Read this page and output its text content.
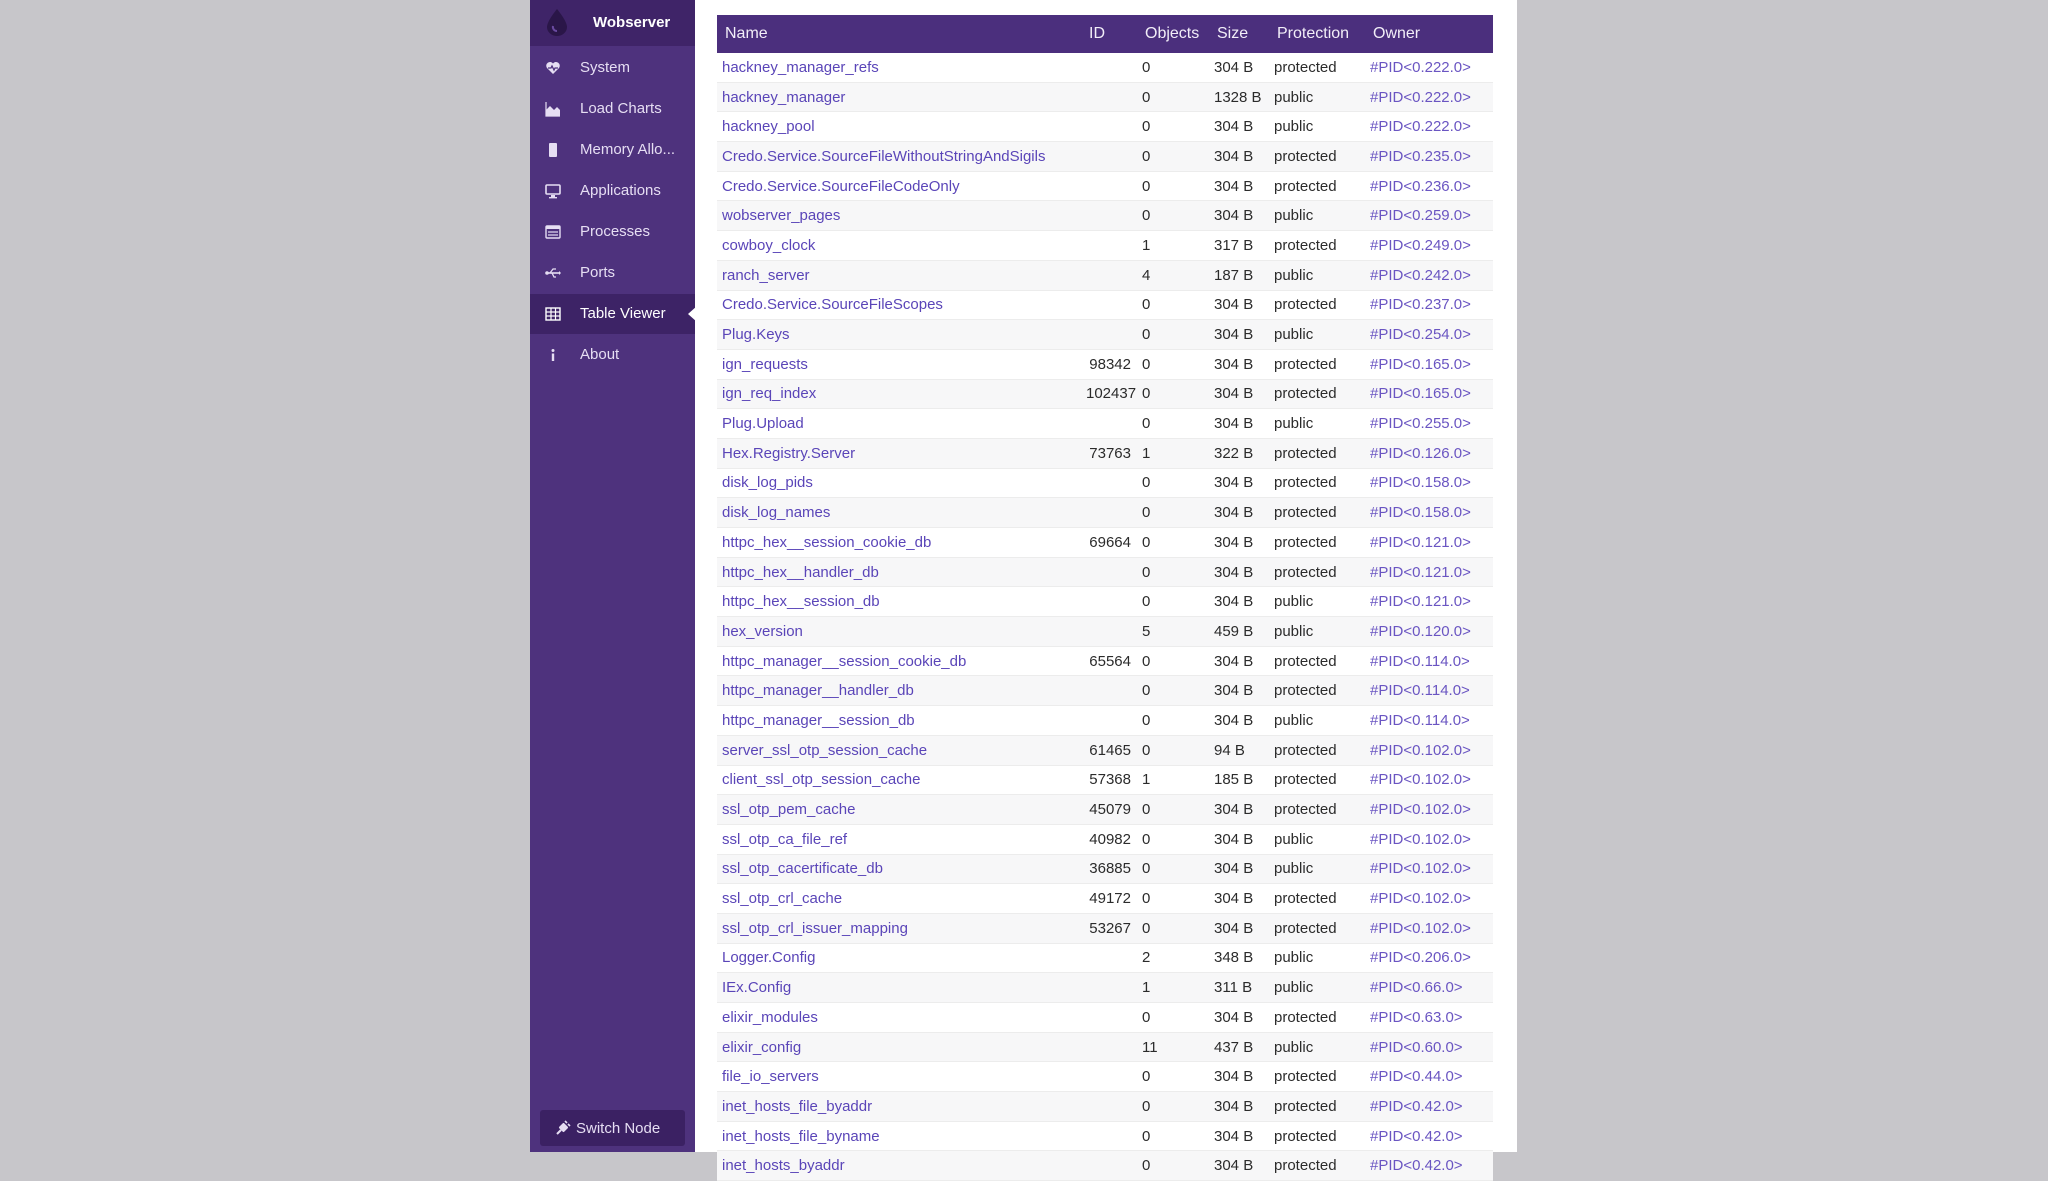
Wobserver
System
Load Charts
Memory Allo...
Applications
Processes
Ports
Table Viewer
About
Switch Node
Name	ID	Objects	Size	Protection	Owner
hackney_manager_refs		0	304 B	protected	#PID<0.222.0>
hackney_manager		0	1328 B	public	#PID<0.222.0>
hackney_pool		0	304 B	public	#PID<0.222.0>
Credo.Service.SourceFileWithoutStringAndSigils		0	304 B	protected	#PID<0.235.0>
Credo.Service.SourceFileCodeOnly		0	304 B	protected	#PID<0.236.0>
wobserver_pages		0	304 B	public	#PID<0.259.0>
cowboy_clock		1	317 B	protected	#PID<0.249.0>
ranch_server		4	187 B	public	#PID<0.242.0>
Credo.Service.SourceFileScopes		0	304 B	protected	#PID<0.237.0>
Plug.Keys		0	304 B	public	#PID<0.254.0>
ign_requests	98342	0	304 B	protected	#PID<0.165.0>
ign_req_index	102437	0	304 B	protected	#PID<0.165.0>
Plug.Upload		0	304 B	public	#PID<0.255.0>
Hex.Registry.Server	73763	1	322 B	protected	#PID<0.126.0>
disk_log_pids		0	304 B	protected	#PID<0.158.0>
disk_log_names		0	304 B	protected	#PID<0.158.0>
httpc_hex__session_cookie_db	69664	0	304 B	protected	#PID<0.121.0>
httpc_hex__handler_db		0	304 B	protected	#PID<0.121.0>
httpc_hex__session_db		0	304 B	public	#PID<0.121.0>
hex_version		5	459 B	public	#PID<0.120.0>
httpc_manager__session_cookie_db	65564	0	304 B	protected	#PID<0.114.0>
httpc_manager__handler_db		0	304 B	protected	#PID<0.114.0>
httpc_manager__session_db		0	304 B	public	#PID<0.114.0>
server_ssl_otp_session_cache	61465	0	94 B	protected	#PID<0.102.0>
client_ssl_otp_session_cache	57368	1	185 B	protected	#PID<0.102.0>
ssl_otp_pem_cache	45079	0	304 B	protected	#PID<0.102.0>
ssl_otp_ca_file_ref	40982	0	304 B	public	#PID<0.102.0>
ssl_otp_cacertificate_db	36885	0	304 B	public	#PID<0.102.0>
ssl_otp_crl_cache	49172	0	304 B	protected	#PID<0.102.0>
ssl_otp_crl_issuer_mapping	53267	0	304 B	protected	#PID<0.102.0>
Logger.Config		2	348 B	public	#PID<0.206.0>
IEx.Config		1	311 B	public	#PID<0.66.0>
elixir_modules		0	304 B	protected	#PID<0.63.0>
elixir_config		11	437 B	public	#PID<0.60.0>
file_io_servers		0	304 B	protected	#PID<0.44.0>
inet_hosts_file_byaddr		0	304 B	protected	#PID<0.42.0>
inet_hosts_file_byname		0	304 B	protected	#PID<0.42.0>
inet_hosts_byaddr		0	304 B	protected	#PID<0.42.0>
